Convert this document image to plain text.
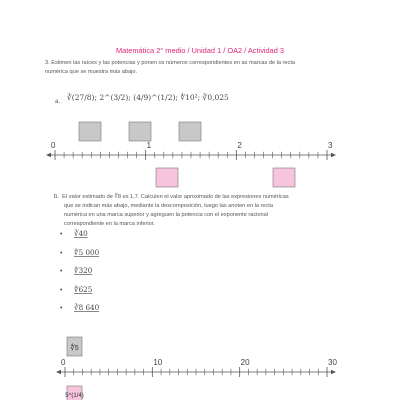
Matemática 2° medio / Unidad 1 / OA2 / Actividad 3
3. Estimen las raíces y las potencias y ponen os números correspondientes en as marcas de la recta
numérica que se muestra más abajo.
a. ∛(27/8); 2^(3/2); (4/9)^(1/2); ∜10²; ∛0,025
0	1	2	3
0	10	20	30
∜5
5^(1/4)
b. El valor estimado de ∜8 es 1,7. Calculen el valor aproximado de las expresiones numéricas
que se indican más abajo, mediante la descomposición, luego las anoten en la recta
numérica en una marca superior y agreguen la potencia con el exponente racional
correspondiente en la marca inferior.
• ∛40
• ∜5 000
• ∜320
• ∜625
• ∛8 640
